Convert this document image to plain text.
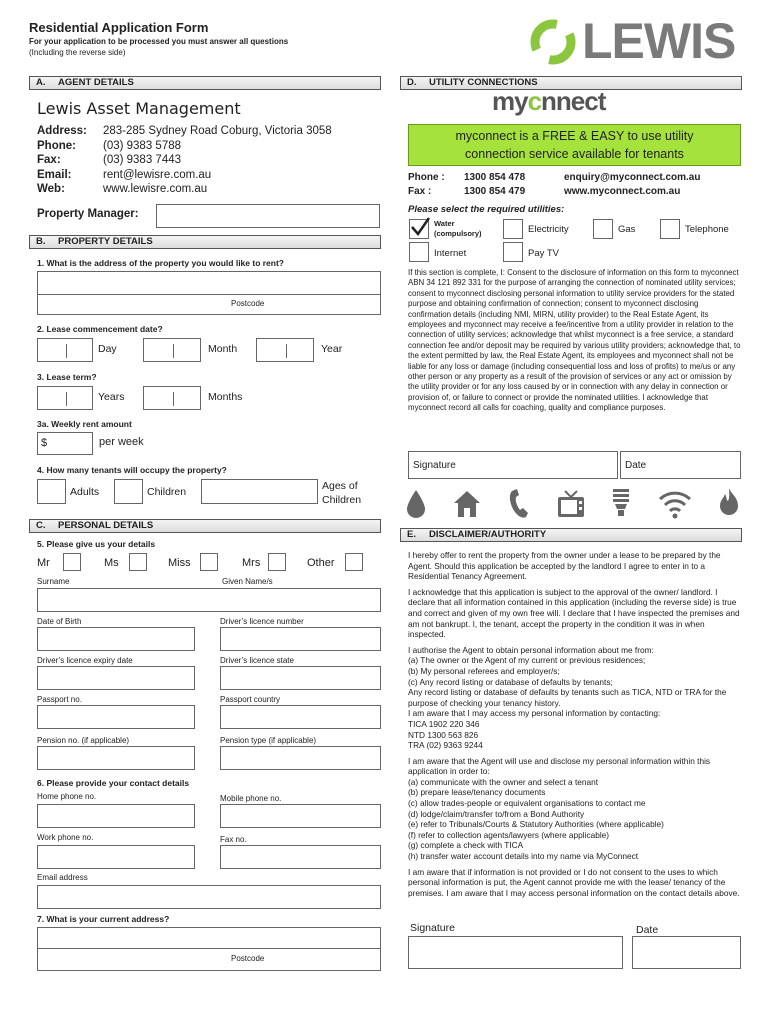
Residential Application Form
For your application to be processed you must answer all questions
(Including the reverse side)	LEWIS
A. AGENT DETAILS
Lewis Asset Management
Address: 283-285 Sydney Road Coburg, Victoria 3058
Phone: (03) 9383 5788
Fax:	(03) 9383 7443
Email:	rent@lewisre.com.au
Web:	www.lewisre.com.au
Property Manager:
B. PROPERTY DETAILS
1. What is the address of the property you would like to rent?
Postcode
2. Lease commencement date?
Day	Month	Year
3. Lease term?
Years	Months
3a. Weekly rent amount
$	per week
4. How many tenants will occupy the property?
Adults	Children	Ages of
Children
C. PERSONAL DETAILS
5. Please give us your details
Mr	Ms	Miss	Mrs	Other
Surname	Given Name/s
Date of Birth	Driver’s licence number
Driver’s licence expiry date	Driver’s licence state
Passport no.	Passport country
Pension no. (if applicable)	Pension type (if applicable)
6. Please provide your contact details
Home phone no.	Mobile phone no.
Work phone no.	Fax no.
Email address
7. What is your current address?
Postcode
D. UTILITY CONNECTIONS
mycnnect
myconnect is a FREE & EASY to use utility
connection service available for tenants
Phone : 1300 854 478	enquiry@myconnect.com.au
Fax :	1300 854 479	www.myconnect.com.au
Please select the required utilities:
Water
(compulsory)	Electricity	Gas	Telephone
Internet	Pay TV
If this section is complete, I: Consent to the disclosure of information on this form to myconnect ABN 34 121 892 331 for the purpose of arranging the connection of nominated utility services; consent to myconnect disclosing personal information to utility service providers for the stated purpose and obtaining confirmation of connection; consent to myconnect disclosing confirmation details (including NMI, MIRN, utility provider) to the Real Estate Agent, its employees and myconnect may receive a fee/incentive from a utility provider in relation to the connection of utility services; acknowledge that whilst myconnect is a free service, a standard connection fee and/or deposit may be required by various utility providers; acknowledge that, to the extent permitted by law, the Real Estate Agent, its employees and myconnect shall not be liable for any loss or damage (including consequential loss and loss of profits) to me/us or any other person or any property as a result of the provision of services or any act or omission by the utility provider or for any loss caused by or in connection with any delay in connection or provision of, or failure to connect or provide the nominated utilities. I acknowledge that myconnect record all calls for coaching, quality and compliance purposes.
Signature	Date
E. DISCLAIMER/AUTHORITY

I hereby offer to rent the property from the owner under a lease to be prepared by the Agent. Should this application be accepted by the landlord I agree to enter in to a Residential Tenancy Agreement.

I acknowledge that this application is subject to the approval of the owner/ landlord. I declare that all information contained in this application (including the reverse side) is true and correct and given of my own free will. I declare that I have inspected the premises and am not bankrupt. I, the tenant, accept the property in the condition it was in when inspected.

I authorise the Agent to obtain personal information about me from:
(a) The owner or the Agent of my current or previous residences;
(b) My personal referees and employer/s;
(c) Any record listing or database of defaults by tenants;
Any record listing or database of defaults by tenants such as TICA, NTD or TRA for the purpose of checking your tenancy history.
I am aware that I may access my personal information by contacting:
TICA 1902 220 346
NTD 1300 563 826
TRA (02) 9363 9244

I am aware that the Agent will use and disclose my personal information within this application in order to:
(a) communicate with the owner and select a tenant
(b) prepare lease/tenancy documents
(c) allow trades-people or equivalent organisations to contact me
(d) lodge/claim/transfer to/from a Bond Authority
(e) refer to Tribunals/Courts & Statutory Authorities (where applicable)
(f) refer to collection agents/lawyers (where applicable)
(g) complete a check with TICA
(h) transfer water account details into my name via MyConnect

I am aware that if information is not provided or I do not consent to the uses to which personal information is put, the Agent cannot provide me with the lease/ tenancy of the premises. I am aware that I may access personal information on the contact details above.

Signature	Date
